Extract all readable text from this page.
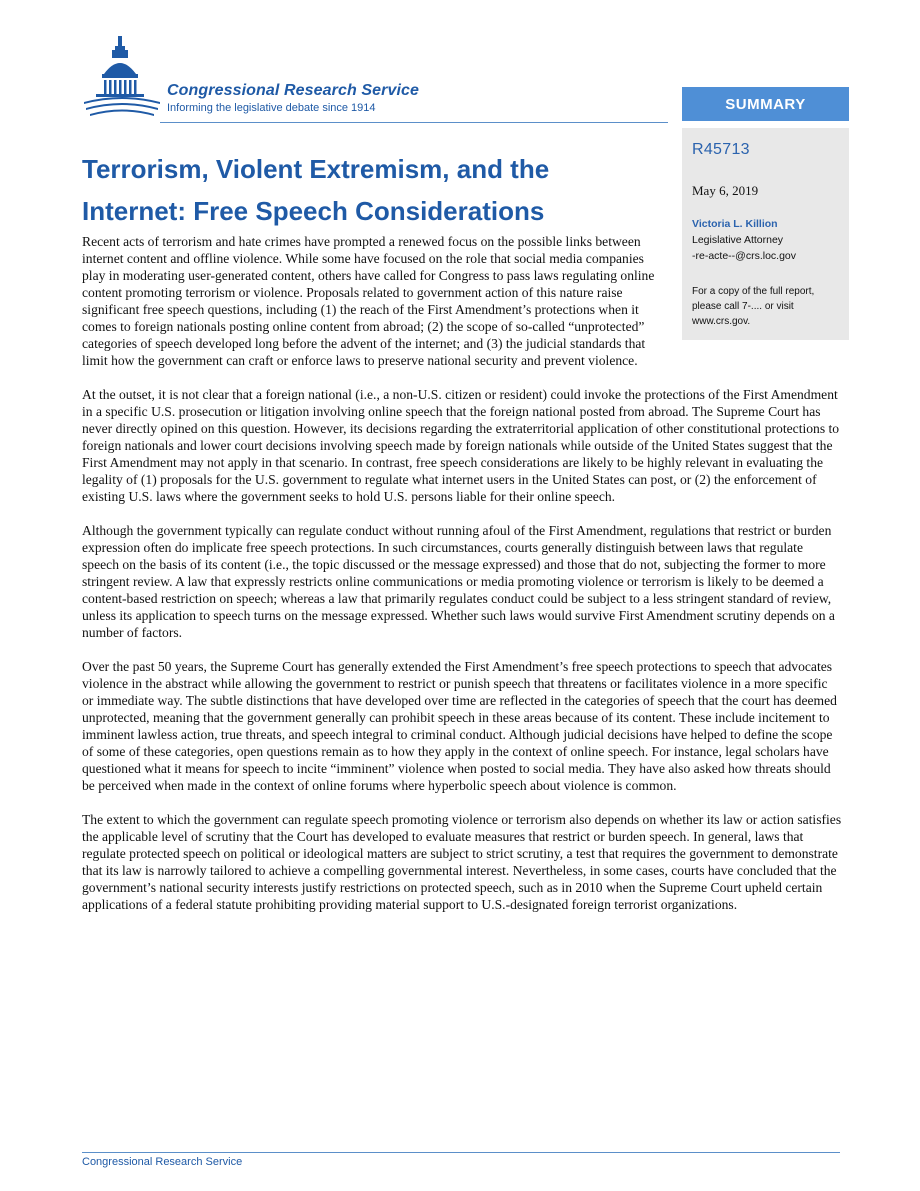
Congressional Research Service
Informing the legislative debate since 1914	SUMMARY
R45713
May 6, 2019
Victoria L. Killion
Legislative Attorney
-re-acte--@crs.loc.gov
For a copy of the full report, please call 7-.... or visit www.crs.gov.
Terrorism, Violent Extremism, and the Internet: Free Speech Considerations

Recent acts of terrorism and hate crimes have prompted a renewed focus on the possible links between internet content and offline violence. While some have focused on the role that social media companies play in moderating user-generated content, others have called for Congress to pass laws regulating online content promoting terrorism or violence. Proposals related to government action of this nature raise significant free speech questions, including (1) the reach of the First Amendment’s protections when it comes to foreign nationals posting online content from abroad; (2) the scope of so-called “unprotected” categories of speech developed long before the advent of the internet; and (3) the judicial standards that limit how the government can craft or enforce laws to preserve national security and prevent violence.

At the outset, it is not clear that a foreign national (i.e., a non-U.S. citizen or resident) could invoke the protections of the First Amendment in a specific U.S. prosecution or litigation involving online speech that the foreign national posted from abroad. The Supreme Court has never directly opined on this question. However, its decisions regarding the extraterritorial application of other constitutional protections to foreign nationals and lower court decisions involving speech made by foreign nationals while outside of the United States suggest that the First Amendment may not apply in that scenario. In contrast, free speech considerations are likely to be highly relevant in evaluating the legality of (1) proposals for the U.S. government to regulate what internet users in the United States can post, or (2) the enforcement of existing U.S. laws where the government seeks to hold U.S. persons liable for their online speech.

Although the government typically can regulate conduct without running afoul of the First Amendment, regulations that restrict or burden expression often do implicate free speech protections. In such circumstances, courts generally distinguish between laws that regulate speech on the basis of its content (i.e., the topic discussed or the message expressed) and those that do not, subjecting the former to more stringent review. A law that expressly restricts online communications or media promoting violence or terrorism is likely to be deemed a content-based restriction on speech; whereas a law that primarily regulates conduct could be subject to a less stringent standard of review, unless its application to speech turns on the message expressed. Whether such laws would survive First Amendment scrutiny depends on a number of factors.

Over the past 50 years, the Supreme Court has generally extended the First Amendment’s free speech protections to speech that advocates violence in the abstract while allowing the government to restrict or punish speech that threatens or facilitates violence in a more specific or immediate way. The subtle distinctions that have developed over time are reflected in the categories of speech that the court has deemed unprotected, meaning that the government generally can prohibit speech in these areas because of its content. These include incitement to imminent lawless action, true threats, and speech integral to criminal conduct. Although judicial decisions have helped to define the scope of some of these categories, open questions remain as to how they apply in the context of online speech. For instance, legal scholars have questioned what it means for speech to incite “imminent” violence when posted to social media. They have also asked how threats should be perceived when made in the context of online forums where hyperbolic speech about violence is common.

The extent to which the government can regulate speech promoting violence or terrorism also depends on whether its law or action satisfies the applicable level of scrutiny that the Court has developed to evaluate measures that restrict or burden speech. In general, laws that regulate protected speech on political or ideological matters are subject to strict scrutiny, a test that requires the government to demonstrate that its law is narrowly tailored to achieve a compelling governmental interest. Nevertheless, in some cases, courts have concluded that the government’s national security interests justify restrictions on protected speech, such as in 2010 when the Supreme Court upheld certain applications of a federal statute prohibiting providing material support to U.S.-designated foreign terrorist organizations.

Congressional Research Service
